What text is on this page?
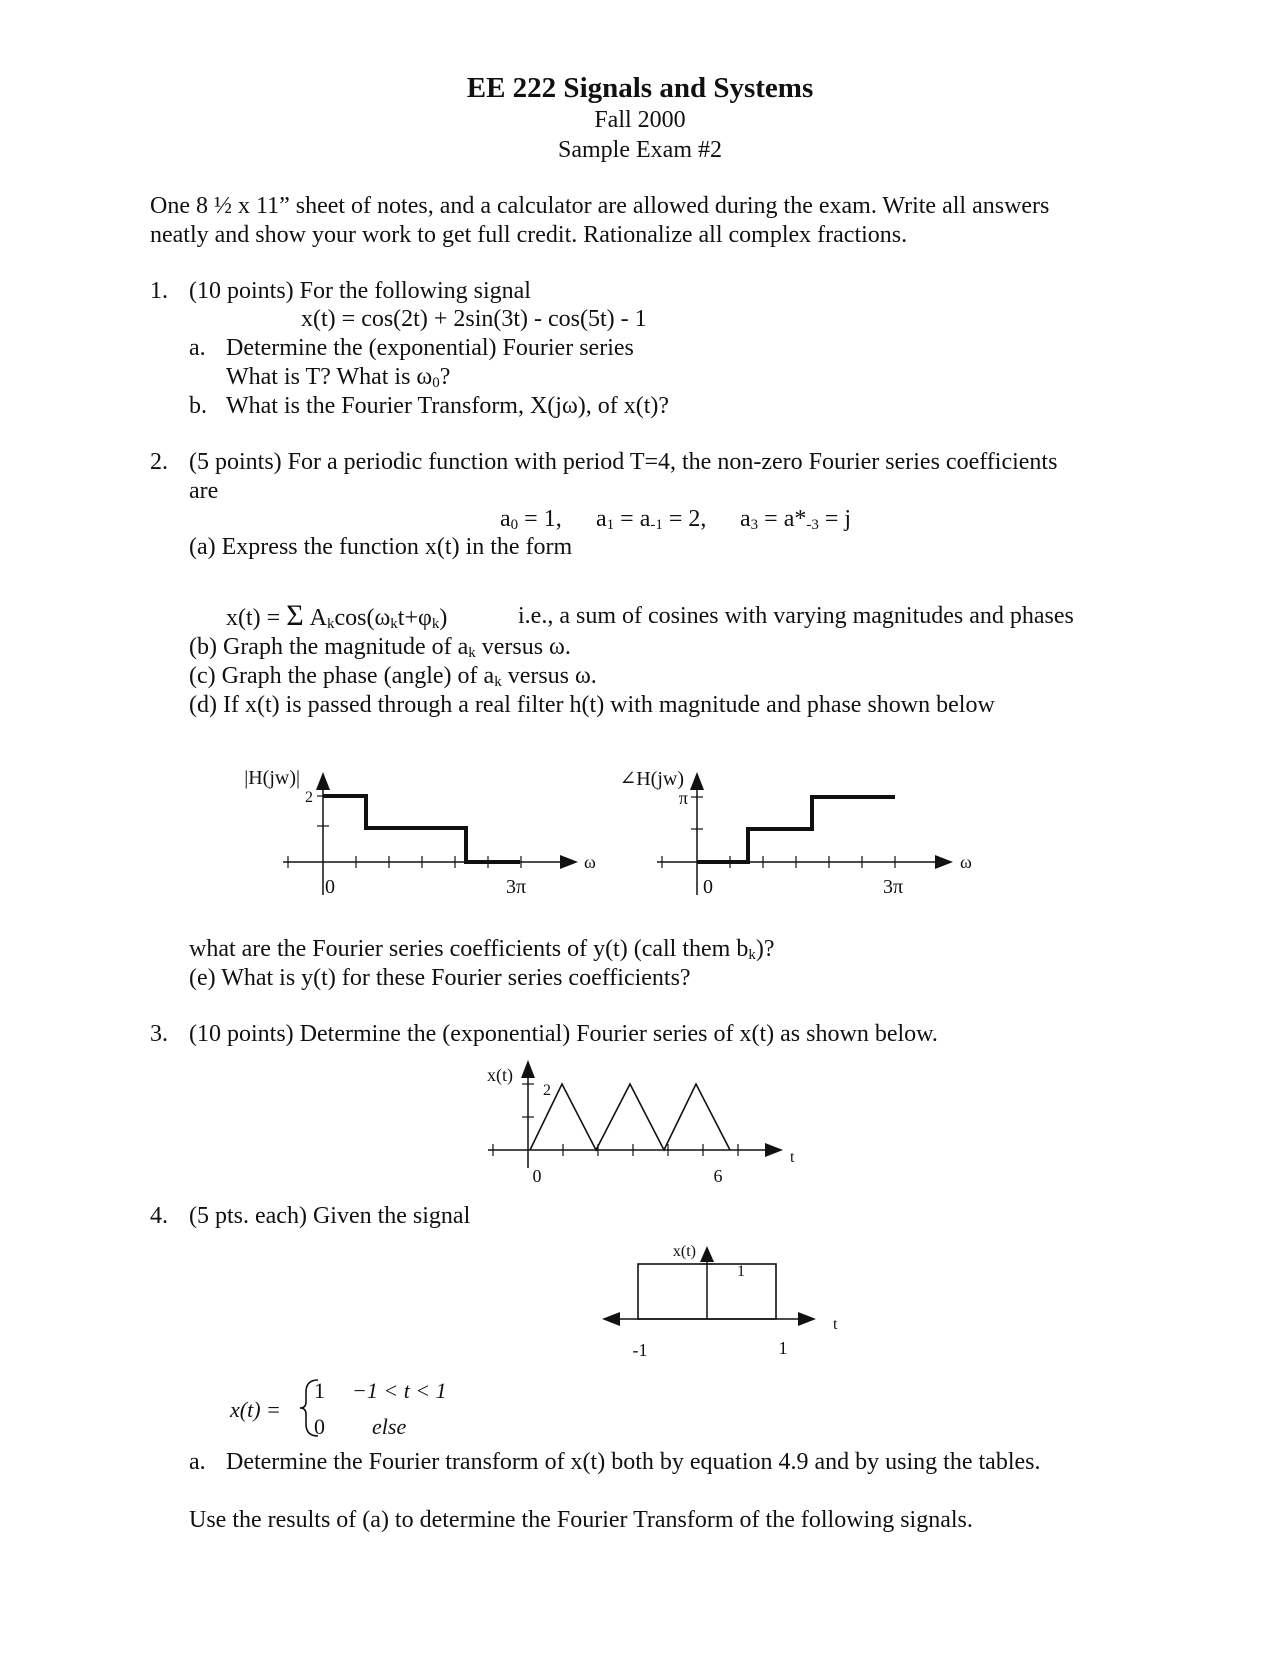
EE 222 Signals and Systems
Fall 2000
Sample Exam #2
One 8 ½ x 11” sheet of notes, and a calculator are allowed during the exam. Write all answers
neatly and show your work to get full credit. Rationalize all complex fractions.
1. (10 points) For the following signal
x(t) = cos(2t) + 2sin(3t) - cos(5t) - 1
a. Determine the (exponential) Fourier series
What is T? What is $\omega_0$?
b. What is the Fourier Transform, X(jω), of x(t)?
2. (5 points) For a periodic function with period T=4, the non-zero Fourier series coefficients
are
$a_0 = 1$, $a_1 = a_{-1} = 2$, $a_3 = a*_{-3} = j$
(a) Express the function x(t) in the form
x(t) = Σ $A_k\cos(\omega_kt+\varphi_k)$	i.e., a sum of cosines with varying magnitudes and phases
(b) Graph the magnitude of $a_k$ versus ω.
(c) Graph the phase (angle) of $a_k$ versus ω.
(d) If x(t) is passed through a real filter h(t) with magnitude and phase shown below
|H(jw)|
2
0	3π
ω
∠H(jw)
π
0	3π
ω
what are the Fourier series coefficients of y(t) (call them $b_k$)?
(e) What is y(t) for these Fourier series coefficients?
3. (10 points) Determine the (exponential) Fourier series of x(t) as shown below.
x(t)
2
0	6
t
4. (5 pts. each) Given the signal
x(t)
1
-1	1
t
x(t) =
1 −1 < t < 1
0 else
a. Determine the Fourier transform of x(t) both by equation 4.9 and by using the tables.
Use the results of (a) to determine the Fourier Transform of the following signals.
